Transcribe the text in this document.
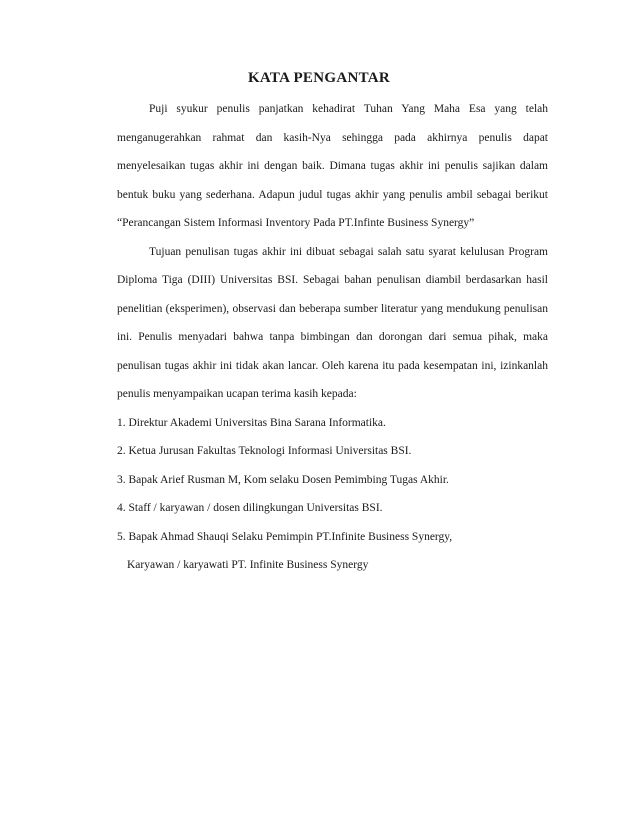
KATA PENGANTAR

Puji syukur penulis panjatkan kehadirat Tuhan Yang Maha Esa yang telah menganugerahkan rahmat dan kasih-Nya sehingga pada akhirnya penulis dapat menyelesaikan tugas akhir ini dengan baik. Dimana tugas akhir ini penulis sajikan dalam bentuk buku yang sederhana. Adapun judul tugas akhir yang penulis ambil sebagai berikut “Perancangan Sistem Informasi Inventory Pada PT.Infinte Business Synergy”

Tujuan penulisan tugas akhir ini dibuat sebagai salah satu syarat kelulusan Program Diploma Tiga (DIII) Universitas BSI. Sebagai bahan penulisan diambil berdasarkan hasil penelitian (eksperimen), observasi dan beberapa sumber literatur yang mendukung penulisan ini. Penulis menyadari bahwa tanpa bimbingan dan dorongan dari semua pihak, maka penulisan tugas akhir ini tidak akan lancar. Oleh karena itu pada kesempatan ini, izinkanlah penulis menyampaikan ucapan terima kasih kepada:

1. Direktur Akademi Universitas Bina Sarana Informatika.

2. Ketua Jurusan Fakultas Teknologi Informasi Universitas BSI.

3. Bapak Arief Rusman M, Kom selaku Dosen Pemimbing Tugas Akhir.

4. Staff / karyawan / dosen dilingkungan Universitas BSI.

5. Bapak Ahmad Shauqi Selaku Pemimpin PT.Infinite Business Synergy,

Karyawan / karyawati PT. Infinite Business Synergy
